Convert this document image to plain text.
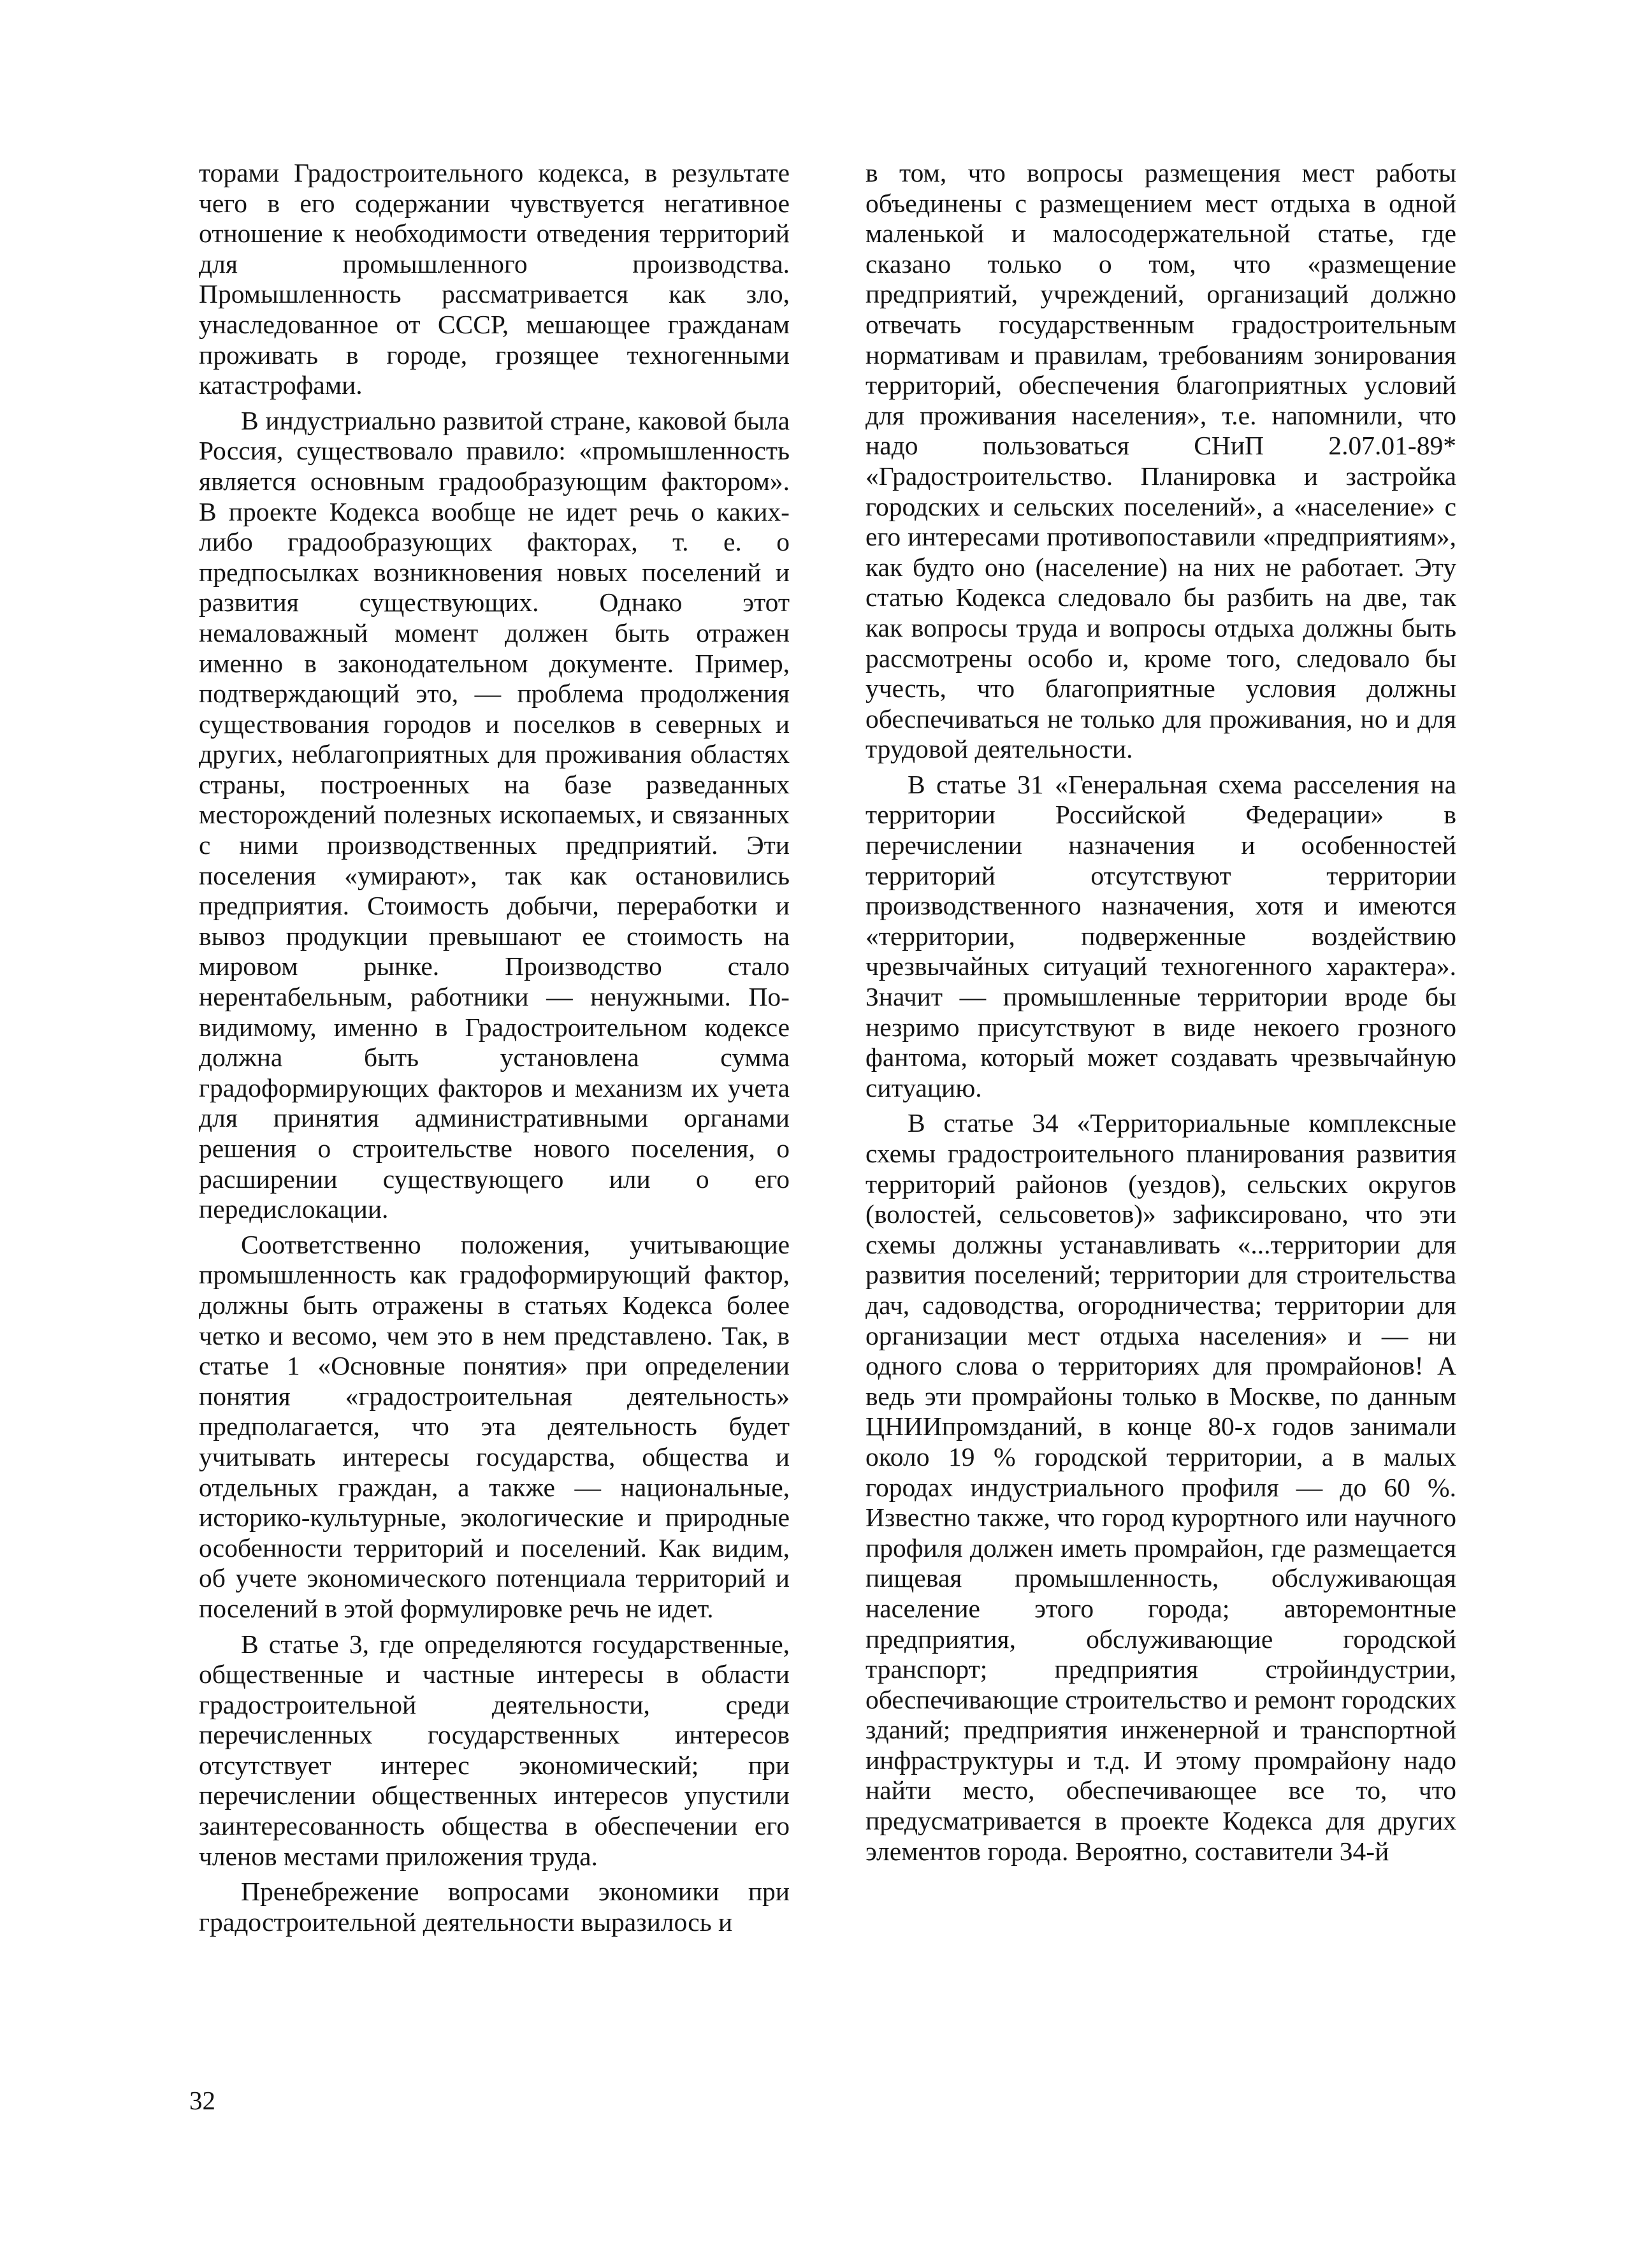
торами Градостроительного кодекса, в результате чего в его содержании чувствуется негативное отношение к необходимости отведения территорий для промышленного производства. Промышленность рассматривается как зло, унаследованное от СССР, мешающее гражданам проживать в городе, грозящее техногенными катастрофами.

В индустриально развитой стране, каковой была Россия, существовало правило: «промышленность является основным градообразующим фактором». В проекте Кодекса вообще не идет речь о каких-либо градообразующих факторах, т. е. о предпосылках возникновения новых поселений и развития существующих. Однако этот немаловажный момент должен быть отражен именно в законодательном документе. Пример, подтверждающий это, — проблема продолжения существования городов и поселков в северных и других, неблагоприятных для проживания областях страны, построенных на базе разведанных месторождений полезных ископаемых, и связанных с ними производственных предприятий. Эти поселения «умирают», так как остановились предприятия. Стоимость добычи, переработки и вывоз продукции превышают ее стоимость на мировом рынке. Производство стало нерентабельным, работники — ненужными. По-видимому, именно в Градостроительном кодексе должна быть установлена сумма градоформирующих факторов и механизм их учета для принятия административными органами решения о строительстве нового поселения, о расширении существующего или о его передислокации.

Соответственно положения, учитывающие промышленность как градоформирующий фактор, должны быть отражены в статьях Кодекса более четко и весомо, чем это в нем представлено. Так, в статье 1 «Основные понятия» при определении понятия «градостроительная деятельность» предполагается, что эта деятельность будет учитывать интересы государства, общества и отдельных граждан, а также — национальные, историко-культурные, экологические и природные особенности территорий и поселений. Как видим, об учете экономического потенциала территорий и поселений в этой формулировке речь не идет.

В статье 3, где определяются государственные, общественные и частные интересы в области градостроительной деятельности, среди перечисленных государственных интересов отсутствует интерес экономический; при перечислении общественных интересов упустили заинтересованность общества в обеспечении его членов местами приложения труда.

Пренебрежение вопросами экономики при градостроительной деятельности выразилось и

в том, что вопросы размещения мест работы объединены с размещением мест отдыха в одной маленькой и малосодержательной статье, где сказано только о том, что «размещение предприятий, учреждений, организаций должно отвечать государственным градостроительным нормативам и правилам, требованиям зонирования территорий, обеспечения благоприятных условий для проживания населения», т.е. напомнили, что надо пользоваться СНиП 2.07.01-89* «Градостроительство. Планировка и застройка городских и сельских поселений», а «население» с его интересами противопоставили «предприятиям», как будто оно (население) на них не работает. Эту статью Кодекса следовало бы разбить на две, так как вопросы труда и вопросы отдыха должны быть рассмотрены особо и, кроме того, следовало бы учесть, что благоприятные условия должны обеспечиваться не только для проживания, но и для трудовой деятельности.

В статье 31 «Генеральная схема расселения на территории Российской Федерации» в перечислении назначения и особенностей территорий отсутствуют территории производственного назначения, хотя и имеются «территории, подверженные воздействию чрезвычайных ситуаций техногенного характера». Значит — промышленные территории вроде бы незримо присутствуют в виде некоего грозного фантома, который может создавать чрезвычайную ситуацию.

В статье 34 «Территориальные комплексные схемы градостроительного планирования развития территорий районов (уездов), сельских округов (волостей, сельсоветов)» зафиксировано, что эти схемы должны устанавливать «...территории для развития поселений; территории для строительства дач, садоводства, огородничества; территории для организации мест отдыха населения» и — ни одного слова о территориях для промрайонов! А ведь эти промрайоны только в Москве, по данным ЦНИИпромзданий, в конце 80-х годов занимали около 19 % городской территории, а в малых городах индустриального профиля — до 60 %. Известно также, что город курортного или научного профиля должен иметь промрайон, где размещается пищевая промышленность, обслуживающая население этого города; авторемонтные предприятия, обслуживающие городской транспорт; предприятия стройиндустрии, обеспечивающие строительство и ремонт городских зданий; предприятия инженерной и транспортной инфраструктуры и т.д. И этому промрайону надо найти место, обеспечивающее все то, что предусматривается в проекте Кодекса для других элементов города. Вероятно, составители 34-й

32
